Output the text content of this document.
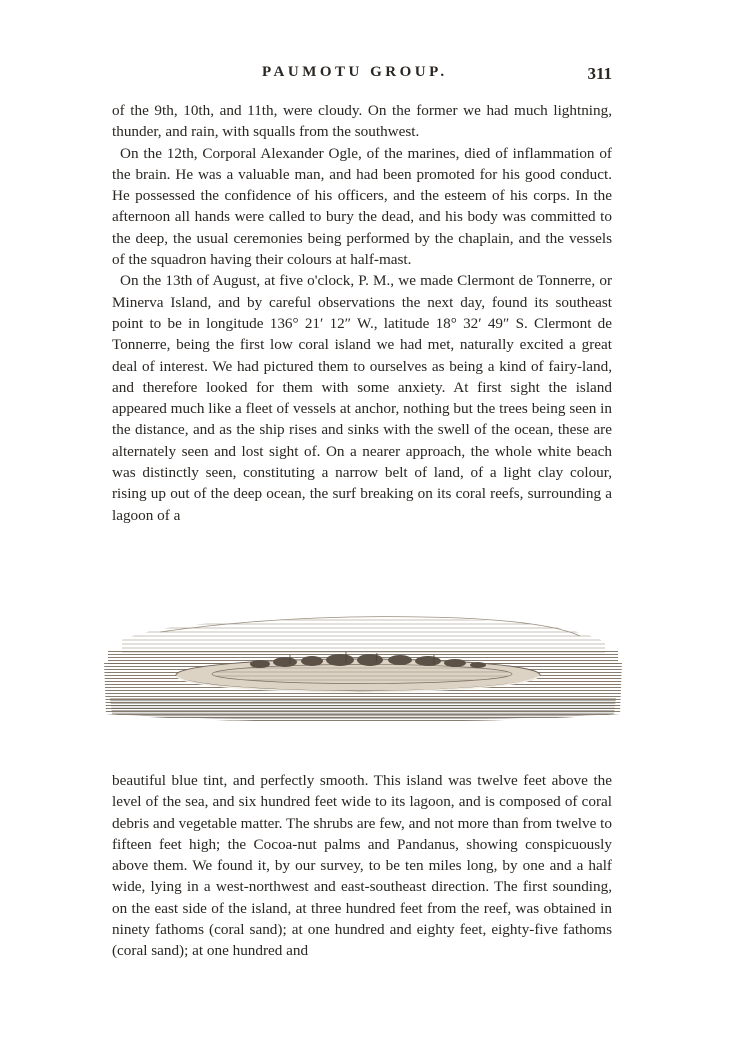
PAUMOTU GROUP.	311

of the 9th, 10th, and 11th, were cloudy. On the former we had much lightning, thunder, and rain, with squalls from the southwest.

On the 12th, Corporal Alexander Ogle, of the marines, died of inflammation of the brain. He was a valuable man, and had been promoted for his good conduct. He possessed the confidence of his officers, and the esteem of his corps. In the afternoon all hands were called to bury the dead, and his body was committed to the deep, the usual ceremonies being performed by the chaplain, and the vessels of the squadron having their colours at half-mast.

On the 13th of August, at five o'clock, P. M., we made Clermont de Tonnerre, or Minerva Island, and by careful observations the next day, found its southeast point to be in longitude 136° 21′ 12″ W., latitude 18° 32′ 49″ S. Clermont de Tonnerre, being the first low coral island we had met, naturally excited a great deal of interest. We had pictured them to ourselves as being a kind of fairy-land, and therefore looked for them with some anxiety. At first sight the island appeared much like a fleet of vessels at anchor, nothing but the trees being seen in the distance, and as the ship rises and sinks with the swell of the ocean, these are alternately seen and lost sight of. On a nearer approach, the whole white beach was distinctly seen, constituting a narrow belt of land, of a light clay colour, rising up out of the deep ocean, the surf breaking on its coral reefs, surrounding a lagoon of a

beautiful blue tint, and perfectly smooth. This island was twelve feet above the level of the sea, and six hundred feet wide to its lagoon, and is composed of coral debris and vegetable matter. The shrubs are few, and not more than from twelve to fifteen feet high; the Cocoa-nut palms and Pandanus, showing conspicuously above them. We found it, by our survey, to be ten miles long, by one and a half wide, lying in a west-northwest and east-southeast direction. The first sounding, on the east side of the island, at three hundred feet from the reef, was obtained in ninety fathoms (coral sand); at one hundred and eighty feet, eighty-five fathoms (coral sand); at one hundred and
